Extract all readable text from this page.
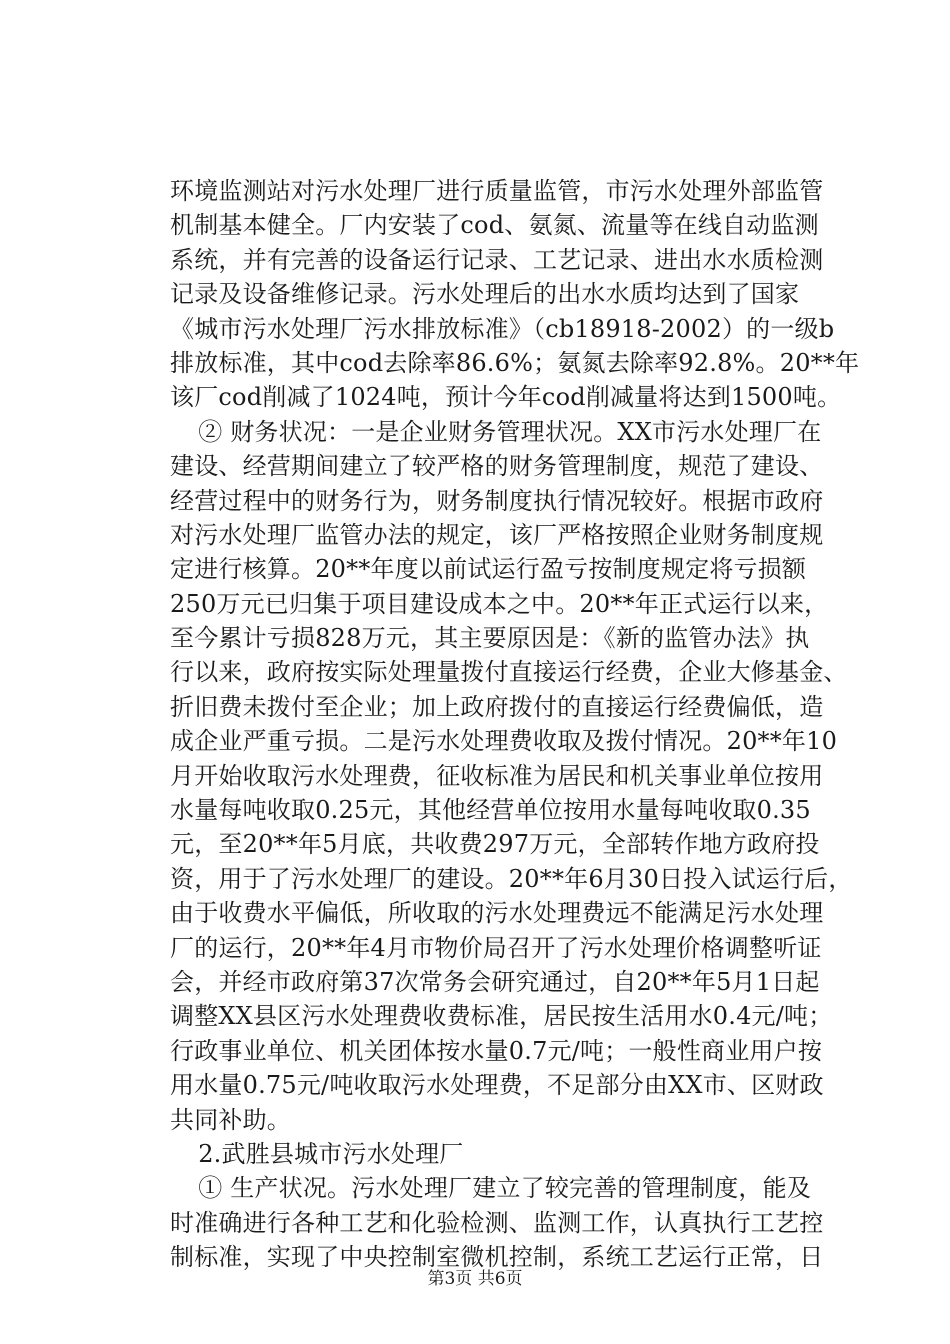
环境监测站对污水处理厂进行质量监管，市污水处理外部监管
机制基本健全。厂内安装了cod、氨氮、流量等在线自动监测
系统，并有完善的设备运行记录、工艺记录、进出水水质检测
记录及设备维修记录。污水处理后的出水水质均达到了国家
《城市污水处理厂污水排放标准》（cb18918-2002）的一级b
排放标准，其中cod去除率86.6%；氨氮去除率92.8%。20**年
该厂cod削减了1024吨，预计今年cod削减量将达到1500吨。
　② 财务状况：一是企业财务管理状况。XX市污水处理厂在
建设、经营期间建立了较严格的财务管理制度，规范了建设、
经营过程中的财务行为，财务制度执行情况较好。根据市政府
对污水处理厂监管办法的规定，该厂严格按照企业财务制度规
定进行核算。20**年度以前试运行盈亏按制度规定将亏损额
250万元已归集于项目建设成本之中。20**年正式运行以来，
至今累计亏损828万元，其主要原因是：《新的监管办法》执
行以来，政府按实际处理量拨付直接运行经费，企业大修基金、
折旧费未拨付至企业；加上政府拨付的直接运行经费偏低，造
成企业严重亏损。二是污水处理费收取及拨付情况。20**年10
月开始收取污水处理费，征收标准为居民和机关事业单位按用
水量每吨收取0.25元，其他经营单位按用水量每吨收取0.35
元，至20**年5月底，共收费297万元，全部转作地方政府投
资，用于了污水处理厂的建设。20**年6月30日投入试运行后，
由于收费水平偏低，所收取的污水处理费远不能满足污水处理
厂的运行，20**年4月市物价局召开了污水处理价格调整听证
会，并经市政府第37次常务会研究通过，自20**年5月1日起
调整XX县区污水处理费收费标准，居民按生活用水0.4元/吨；
行政事业单位、机关团体按水量0.7元/吨；一般性商业用户按
用水量0.75元/吨收取污水处理费，不足部分由XX市、区财政
共同补助。
　2.武胜县城市污水处理厂
　① 生产状况。污水处理厂建立了较完善的管理制度，能及
时准确进行各种工艺和化验检测、监测工作，认真执行工艺控
制标准，实现了中央控制室微机控制，系统工艺运行正常，日
第3页 共6页
